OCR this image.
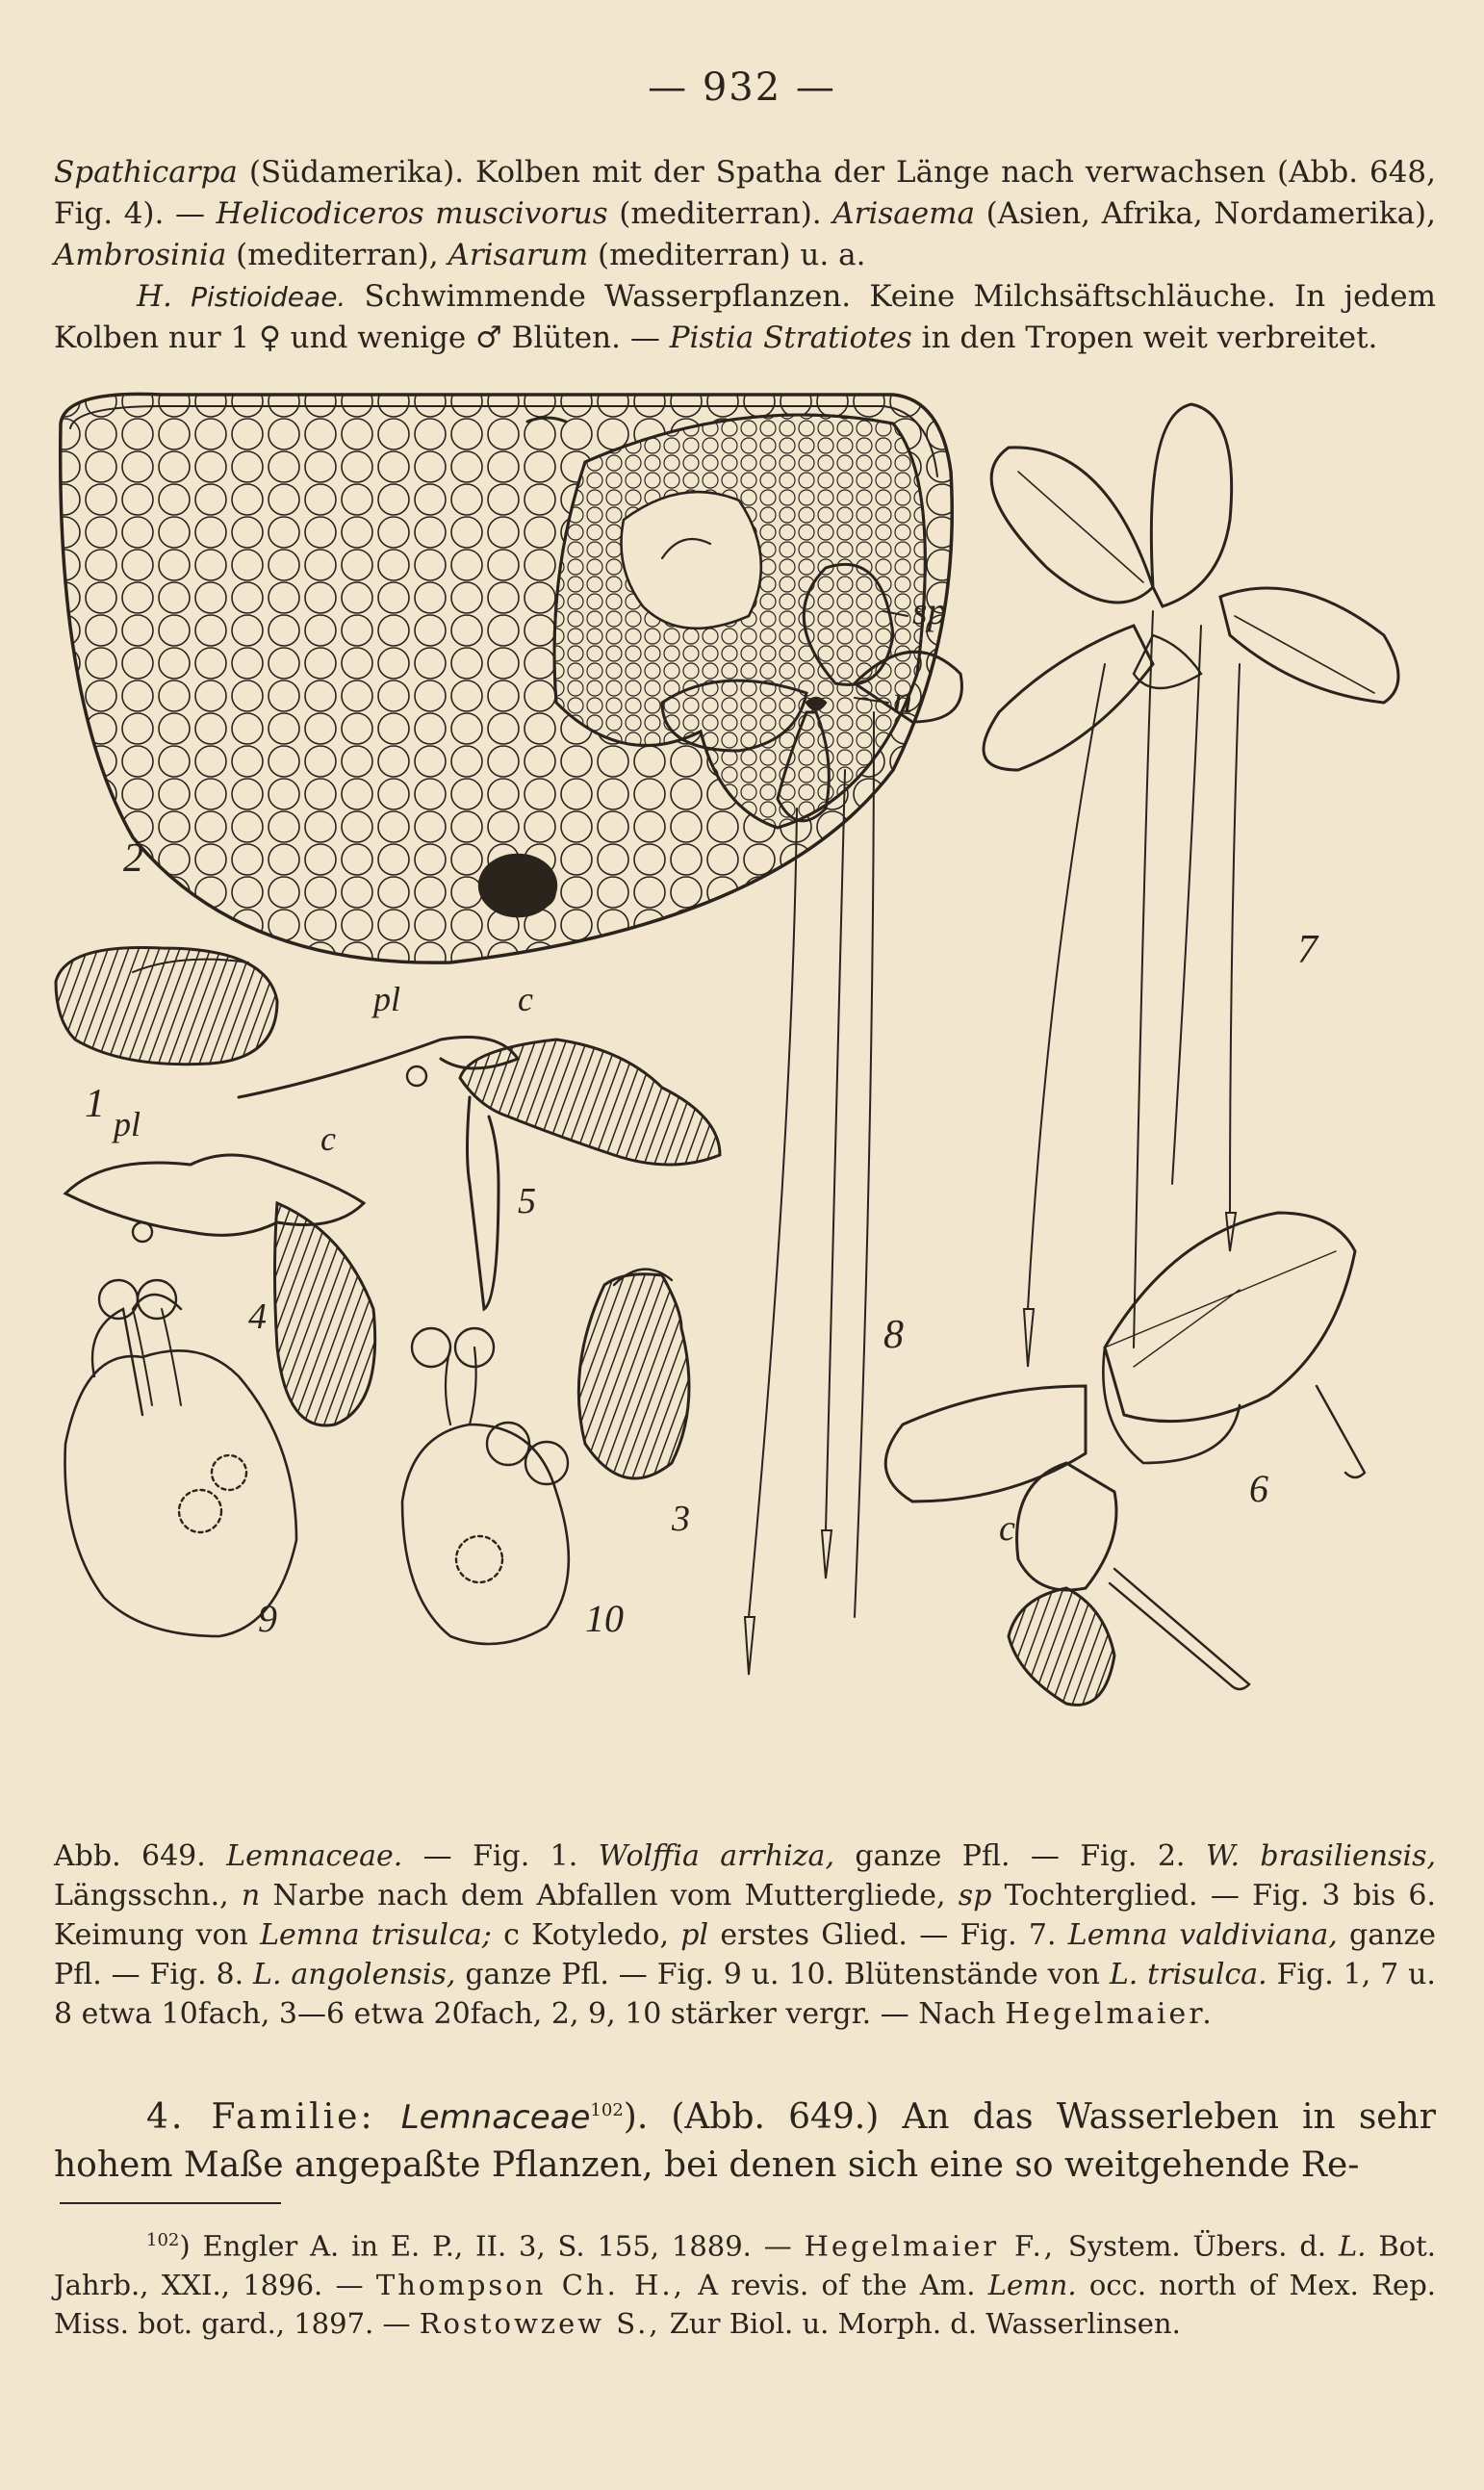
— 932 —

Spathicarpa (Südamerika). Kolben mit der Spatha der Länge nach verwachsen (Abb. 648, Fig. 4). — Helicodiceros muscivorus (mediterran). Arisaema (Asien, Afrika, Nordamerika), Ambrosinia (mediterran), Arisarum (mediterran) u. a.

H. Pistioideae. Schwimmende Wasserpflanzen. Keine Milchsäftschläuche. In jedem Kolben nur 1 ♀ und wenige ♂ Blüten. — Pistia Stratiotes in den Tropen weit verbreitet.

sp
n
2
1
7
8
pl	c
5
pl	c
4
3
9	10
c
6

Abb. 649. Lemnaceae. — Fig. 1. Wolffia arrhiza, ganze Pfl. — Fig. 2. W. brasiliensis, Längsschn., n Narbe nach dem Abfallen vom Muttergliede, sp Tochterglied. — Fig. 3 bis 6. Keimung von Lemna trisulca; c Kotyledo, pl erstes Glied. — Fig. 7. Lemna valdiviana, ganze Pfl. — Fig. 8. L. angolensis, ganze Pfl. — Fig. 9 u. 10. Blütenstände von L. trisulca. Fig. 1, 7 u. 8 etwa 10fach, 3—6 etwa 20fach, 2, 9, 10 stärker vergr. — Nach Hegelmaier.

4. Familie: Lemnaceae$^{102}$). (Abb. 649.) An das Wasserleben in sehr hohem Maße angepaßte Pflanzen, bei denen sich eine so weitgehende Re-

$^{102}$) Engler A. in E. P., II. 3, S. 155, 1889. — Hegelmaier F., System. Übers. d. L. Bot. Jahrb., XXI., 1896. — Thompson Ch. H., A revis. of the Am. Lemn. occ. north of Mex. Rep. Miss. bot. gard., 1897. — Rostowzew S., Zur Biol. u. Morph. d. Wasserlinsen.
